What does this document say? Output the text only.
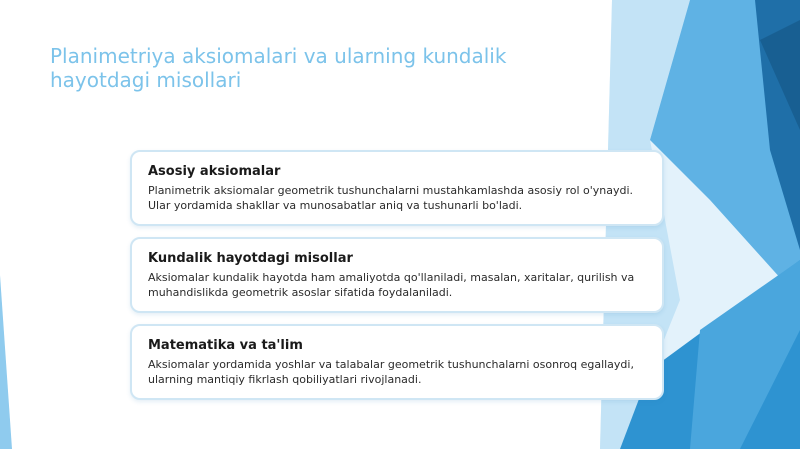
Planimetriya aksiomalari va ularning kundalik hayotdagi misollari

Asosiy aksiomalar

Planimetrik aksiomalar geometrik tushunchalarni mustahkamlashda asosiy rol o'ynaydi. Ular yordamida shakllar va munosabatlar aniq va tushunarli bo'ladi.

Kundalik hayotdagi misollar

Aksiomalar kundalik hayotda ham amaliyotda qo'llaniladi, masalan, xaritalar, qurilish va muhandislikda geometrik asoslar sifatida foydalaniladi.

Matematika va ta'lim

Aksiomalar yordamida yoshlar va talabalar geometrik tushunchalarni osonroq egallaydi, ularning mantiqiy fikrlash qobiliyatlari rivojlanadi.
